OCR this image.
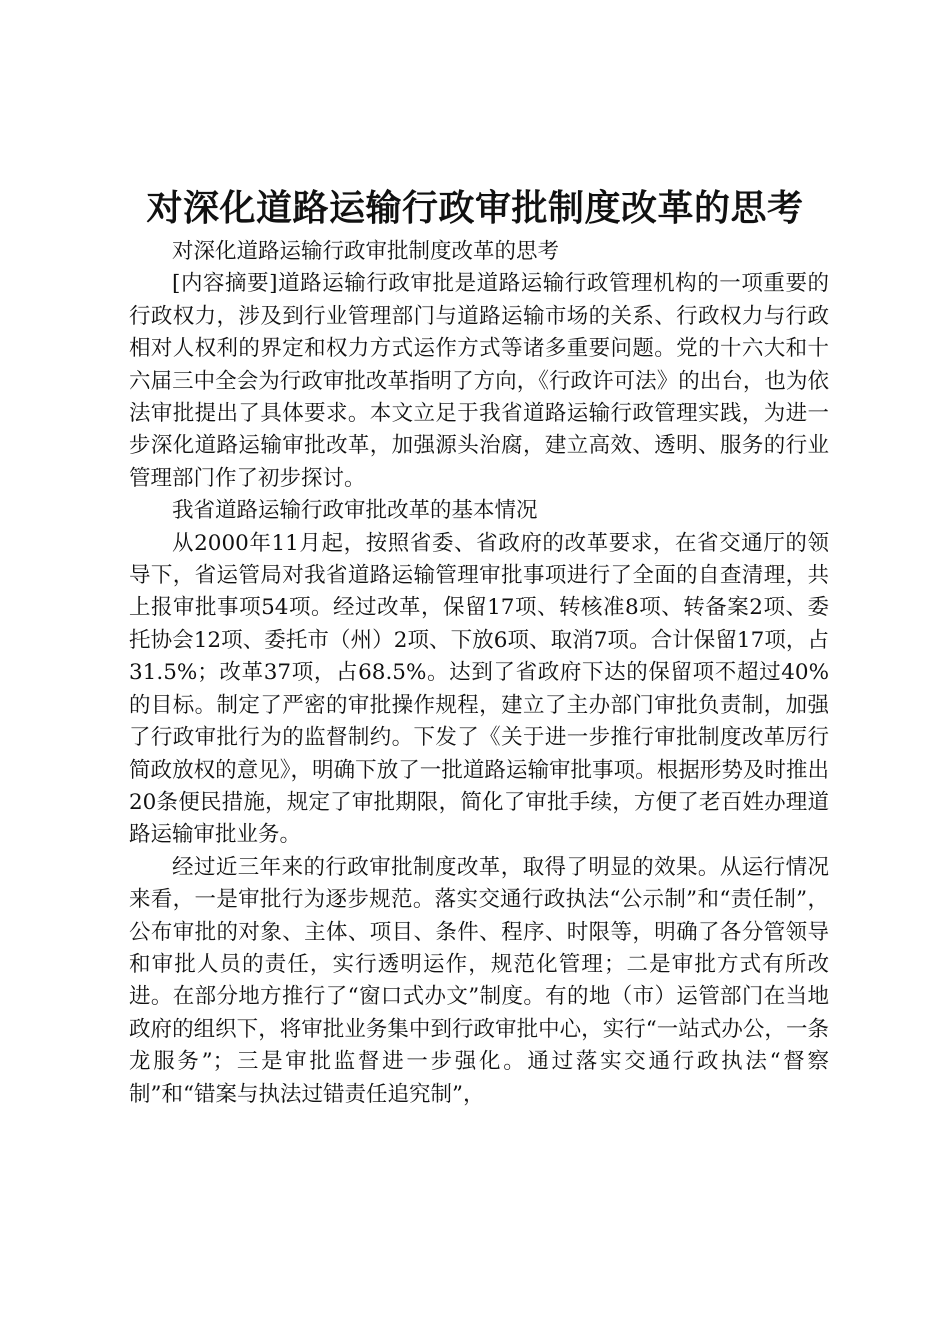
对深化道路运输行政审批制度改革的思考

对深化道路运输行政审批制度改革的思考

[内容摘要]道路运输行政审批是道路运输行政管理机构的一项重要的行政权力，涉及到行业管理部门与道路运输市场的关系、行政权力与行政相对人权利的界定和权力方式运作方式等诸多重要问题。党的十六大和十六届三中全会为行政审批改革指明了方向，《行政许可法》的出台，也为依法审批提出了具体要求。本文立足于我省道路运输行政管理实践，为进一步深化道路运输审批改革，加强源头治腐，建立高效、透明、服务的行业管理部门作了初步探讨。

我省道路运输行政审批改革的基本情况

从2000年11月起，按照省委、省政府的改革要求，在省交通厅的领导下，省运管局对我省道路运输管理审批事项进行了全面的自查清理，共上报审批事项54项。经过改革，保留17项、转核准8项、转备案2项、委托协会12项、委托市（州）2项、下放6项、取消7项。合计保留17项，占31.5%；改革37项，占68.5%。达到了省政府下达的保留项不超过40%的目标。制定了严密的审批操作规程，建立了主办部门审批负责制，加强了行政审批行为的监督制约。下发了《关于进一步推行审批制度改革厉行简政放权的意见》，明确下放了一批道路运输审批事项。根据形势及时推出20条便民措施，规定了审批期限，简化了审批手续，方便了老百姓办理道路运输审批业务。

经过近三年来的行政审批制度改革，取得了明显的效果。从运行情况来看，一是审批行为逐步规范。落实交通行政执法“公示制”和“责任制”，公布审批的对象、主体、项目、条件、程序、时限等，明确了各分管领导和审批人员的责任，实行透明运作，规范化管理；二是审批方式有所改进。在部分地方推行了“窗口式办文”制度。有的地（市）运管部门在当地政府的组织下，将审批业务集中到行政审批中心，实行“一站式办公，一条龙服务”；三是审批监督进一步强化。通过落实交通行政执法“督察制”和“错案与执法过错责任追究制”，
